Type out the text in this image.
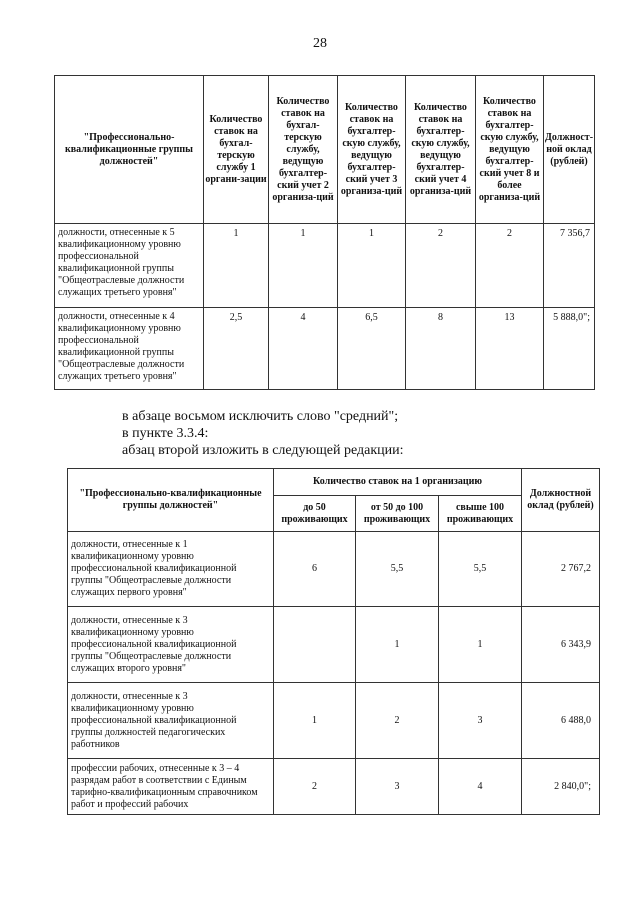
28
"Профессионально-квалификационные группы должностей"	Количество ставок на бухгал-терскую службу 1 органи-зации	Количество ставок на бухгал-терскую службу, ведущую бухгалтер-ский учет 2 организа-ций	Количество ставок на бухгалтер-скую службу, ведущую бухгалтер-ский учет 3 организа-ций	Количество ставок на бухгалтер-скую службу, ведущую бухгалтер-ский учет 4 организа-ций	Количество ставок на бухгалтер-скую службу, ведущую бухгалтер-ский учет 8 и более организа-ций	Должност-ной оклад (рублей)
должности, отнесенные к 5 квалификационному уровню профессиональной квалификационной группы "Общеотраслевые должности служащих третьего уровня"	1	1	1	2	2	7 356,7
должности, отнесенные к 4 квалификационному уровню профессиональной квалификационной группы "Общеотраслевые должности служащих третьего уровня"	2,5	4	6,5	8	13	5 888,0";
в абзаце восьмом исключить слово "средний";
в пункте 3.3.4:
абзац второй изложить в следующей редакции:
"Профессионально-квалификационные группы должностей"	Количество ставок на 1 организацию			Должностной оклад (рублей)
	до 50 проживающих	от 50 до 100 проживающих	свыше 100 проживающих	
должности, отнесенные к 1 квалификационному уровню профессиональной квалификационной группы "Общеотраслевые должности служащих первого уровня"	6	5,5	5,5	2 767,2
должности, отнесенные к 3 квалификационному уровню профессиональной квалификационной группы "Общеотраслевые должности служащих второго уровня"		1	1	6 343,9
должности, отнесенные к 3 квалификационному уровню профессиональной квалификационной группы должностей педагогических работников	1	2	3	6 488,0
профессии рабочих, отнесенные к 3 – 4 разрядам работ в соответствии с Единым тарифно-квалификационным справочником работ и профессий рабочих	2	3	4	2 840,0";
